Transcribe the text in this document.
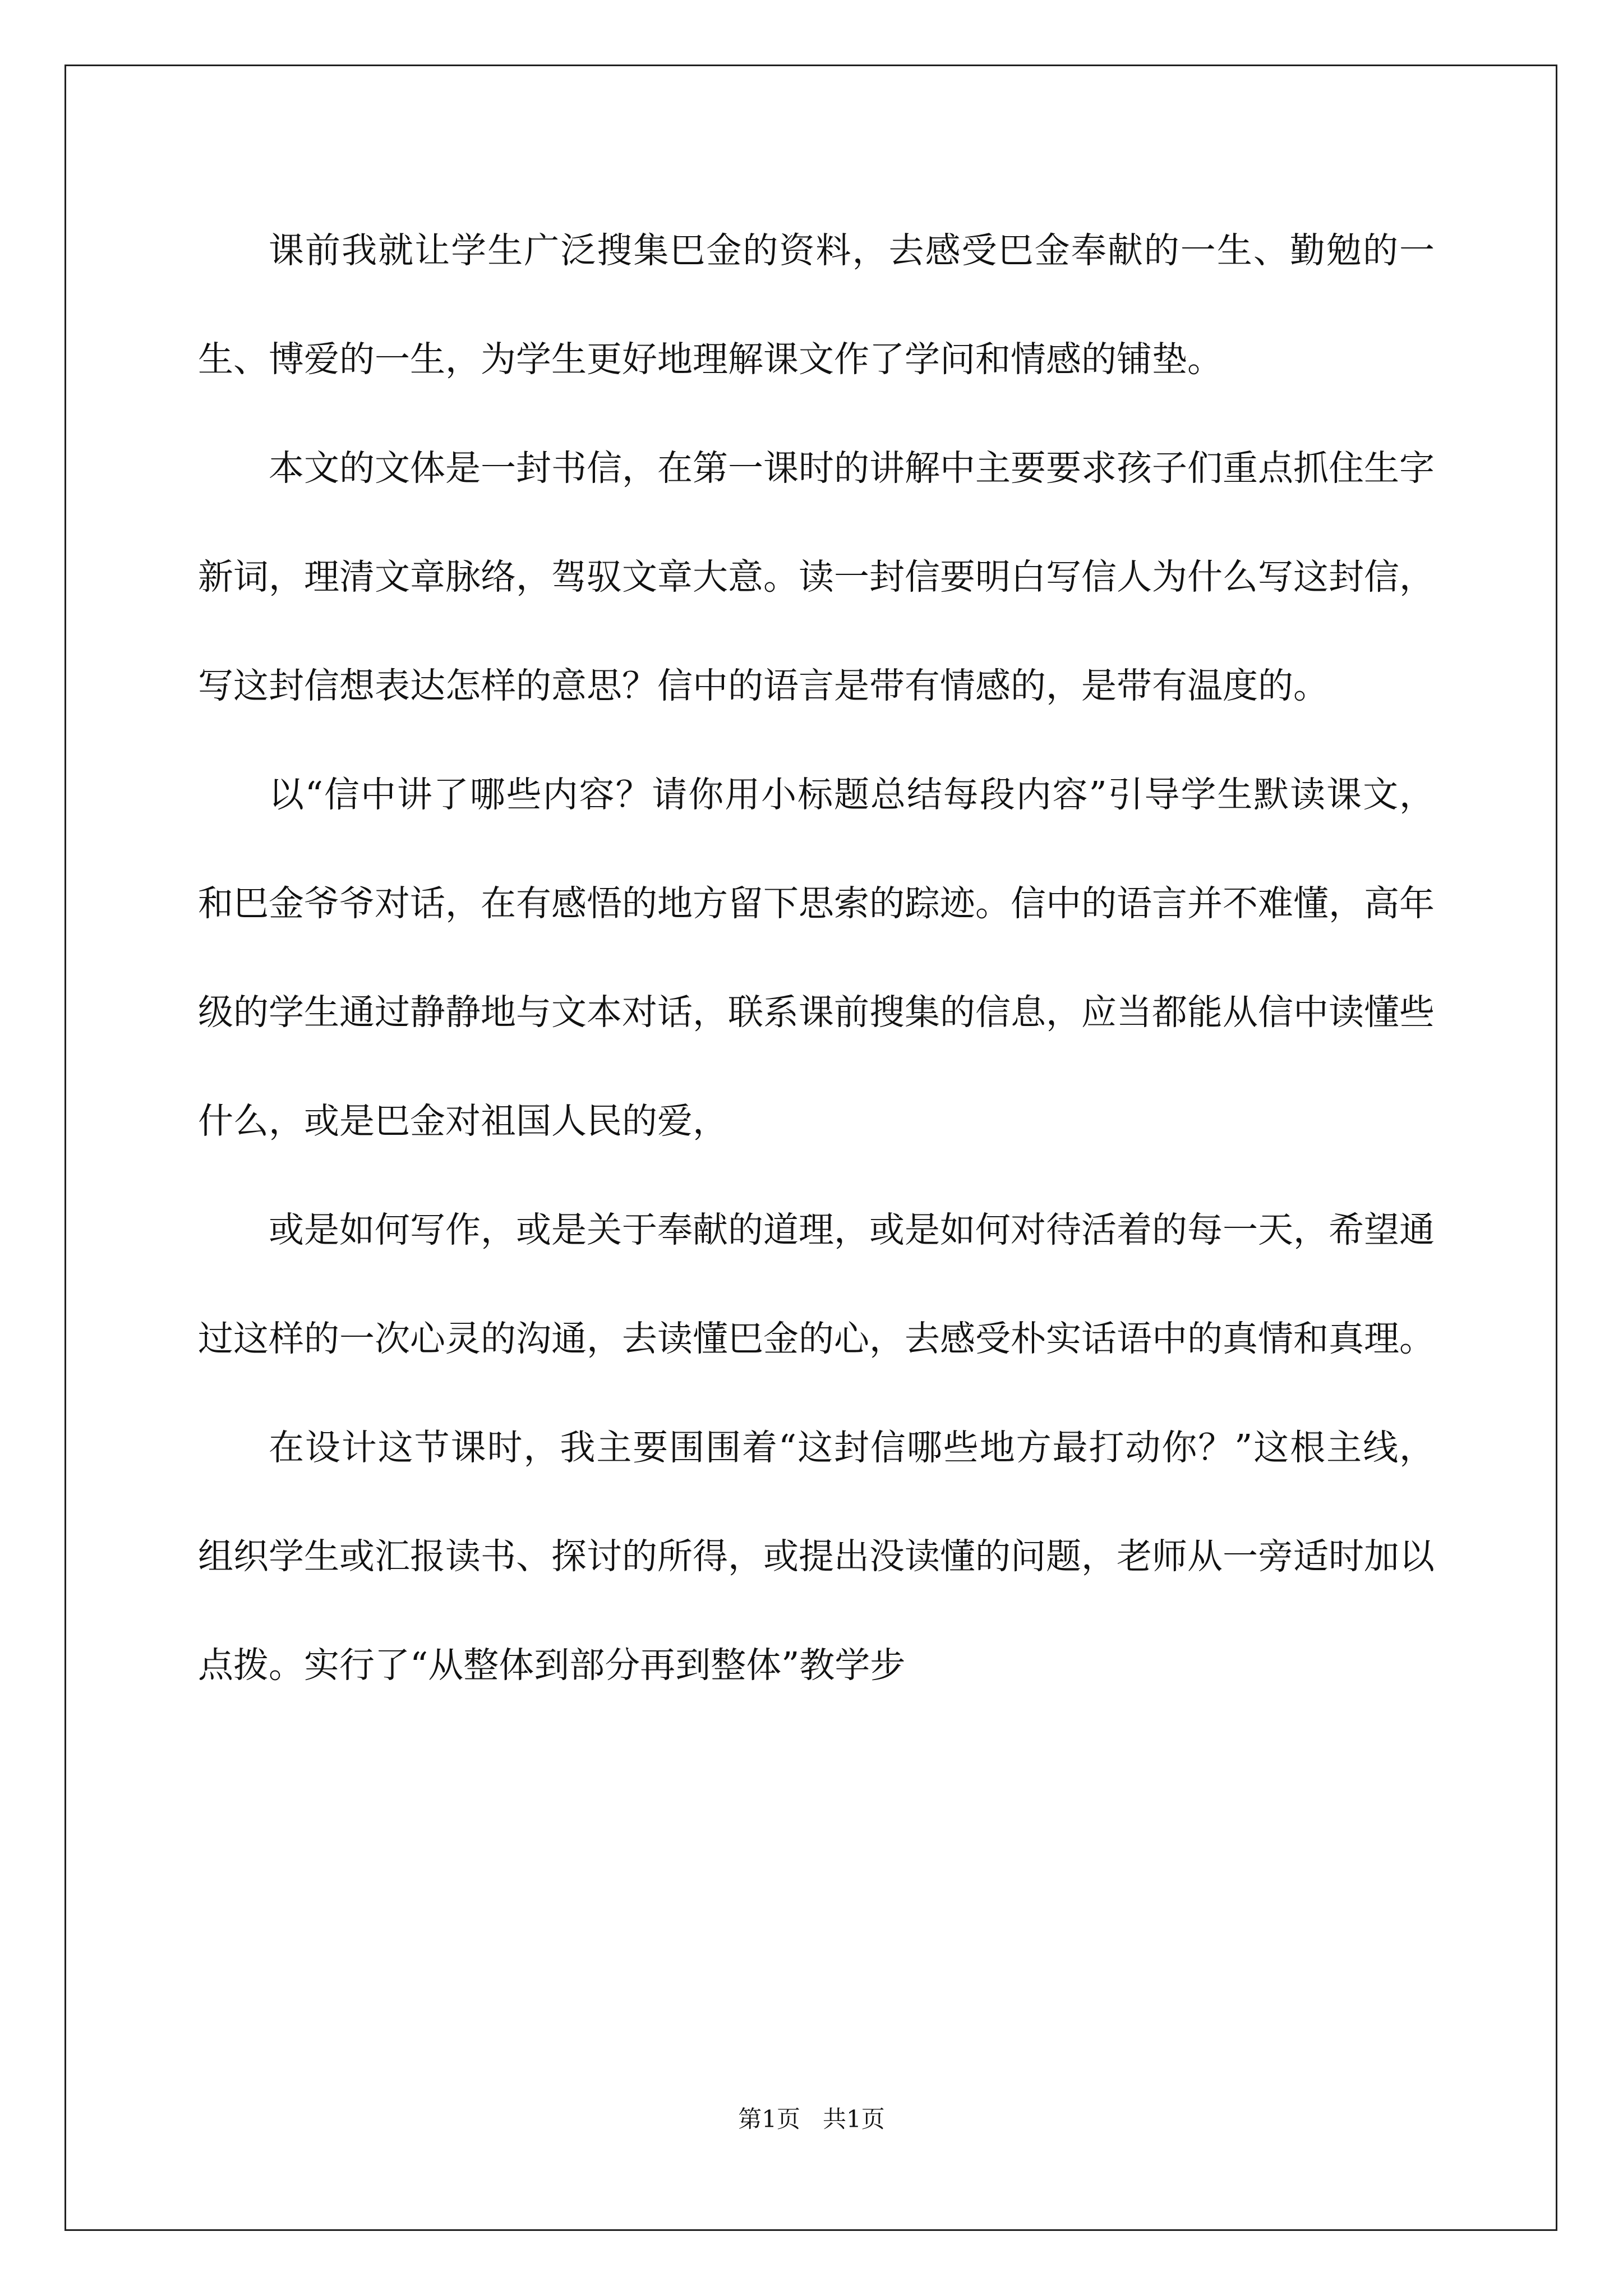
课前我就让学生广泛搜集巴金的资料，去感受巴金奉献的一生、勤勉的一生、博爱的一生，为学生更好地理解课文作了学问和情感的铺垫。

本文的文体是一封书信，在第一课时的讲解中主要要求孩子们重点抓住生字新词，理清文章脉络，驾驭文章大意。读一封信要明白写信人为什么写这封信，写这封信想表达怎样的意思？信中的语言是带有情感的，是带有温度的。

以“信中讲了哪些内容？请你用小标题总结每段内容”引导学生默读课文，和巴金爷爷对话，在有感悟的地方留下思索的踪迹。信中的语言并不难懂，高年级的学生通过静静地与文本对话，联系课前搜集的信息，应当都能从信中读懂些什么，或是巴金对祖国人民的爱，

或是如何写作，或是关于奉献的道理，或是如何对待活着的每一天，希望通过这样的一次心灵的沟通，去读懂巴金的心，去感受朴实话语中的真情和真理。

在设计这节课时，我主要围围着“这封信哪些地方最打动你？”这根主线，组织学生或汇报读书、探讨的所得，或提出没读懂的问题，老师从一旁适时加以点拨。实行了“从整体到部分再到整体”教学步

第1页   共1页
